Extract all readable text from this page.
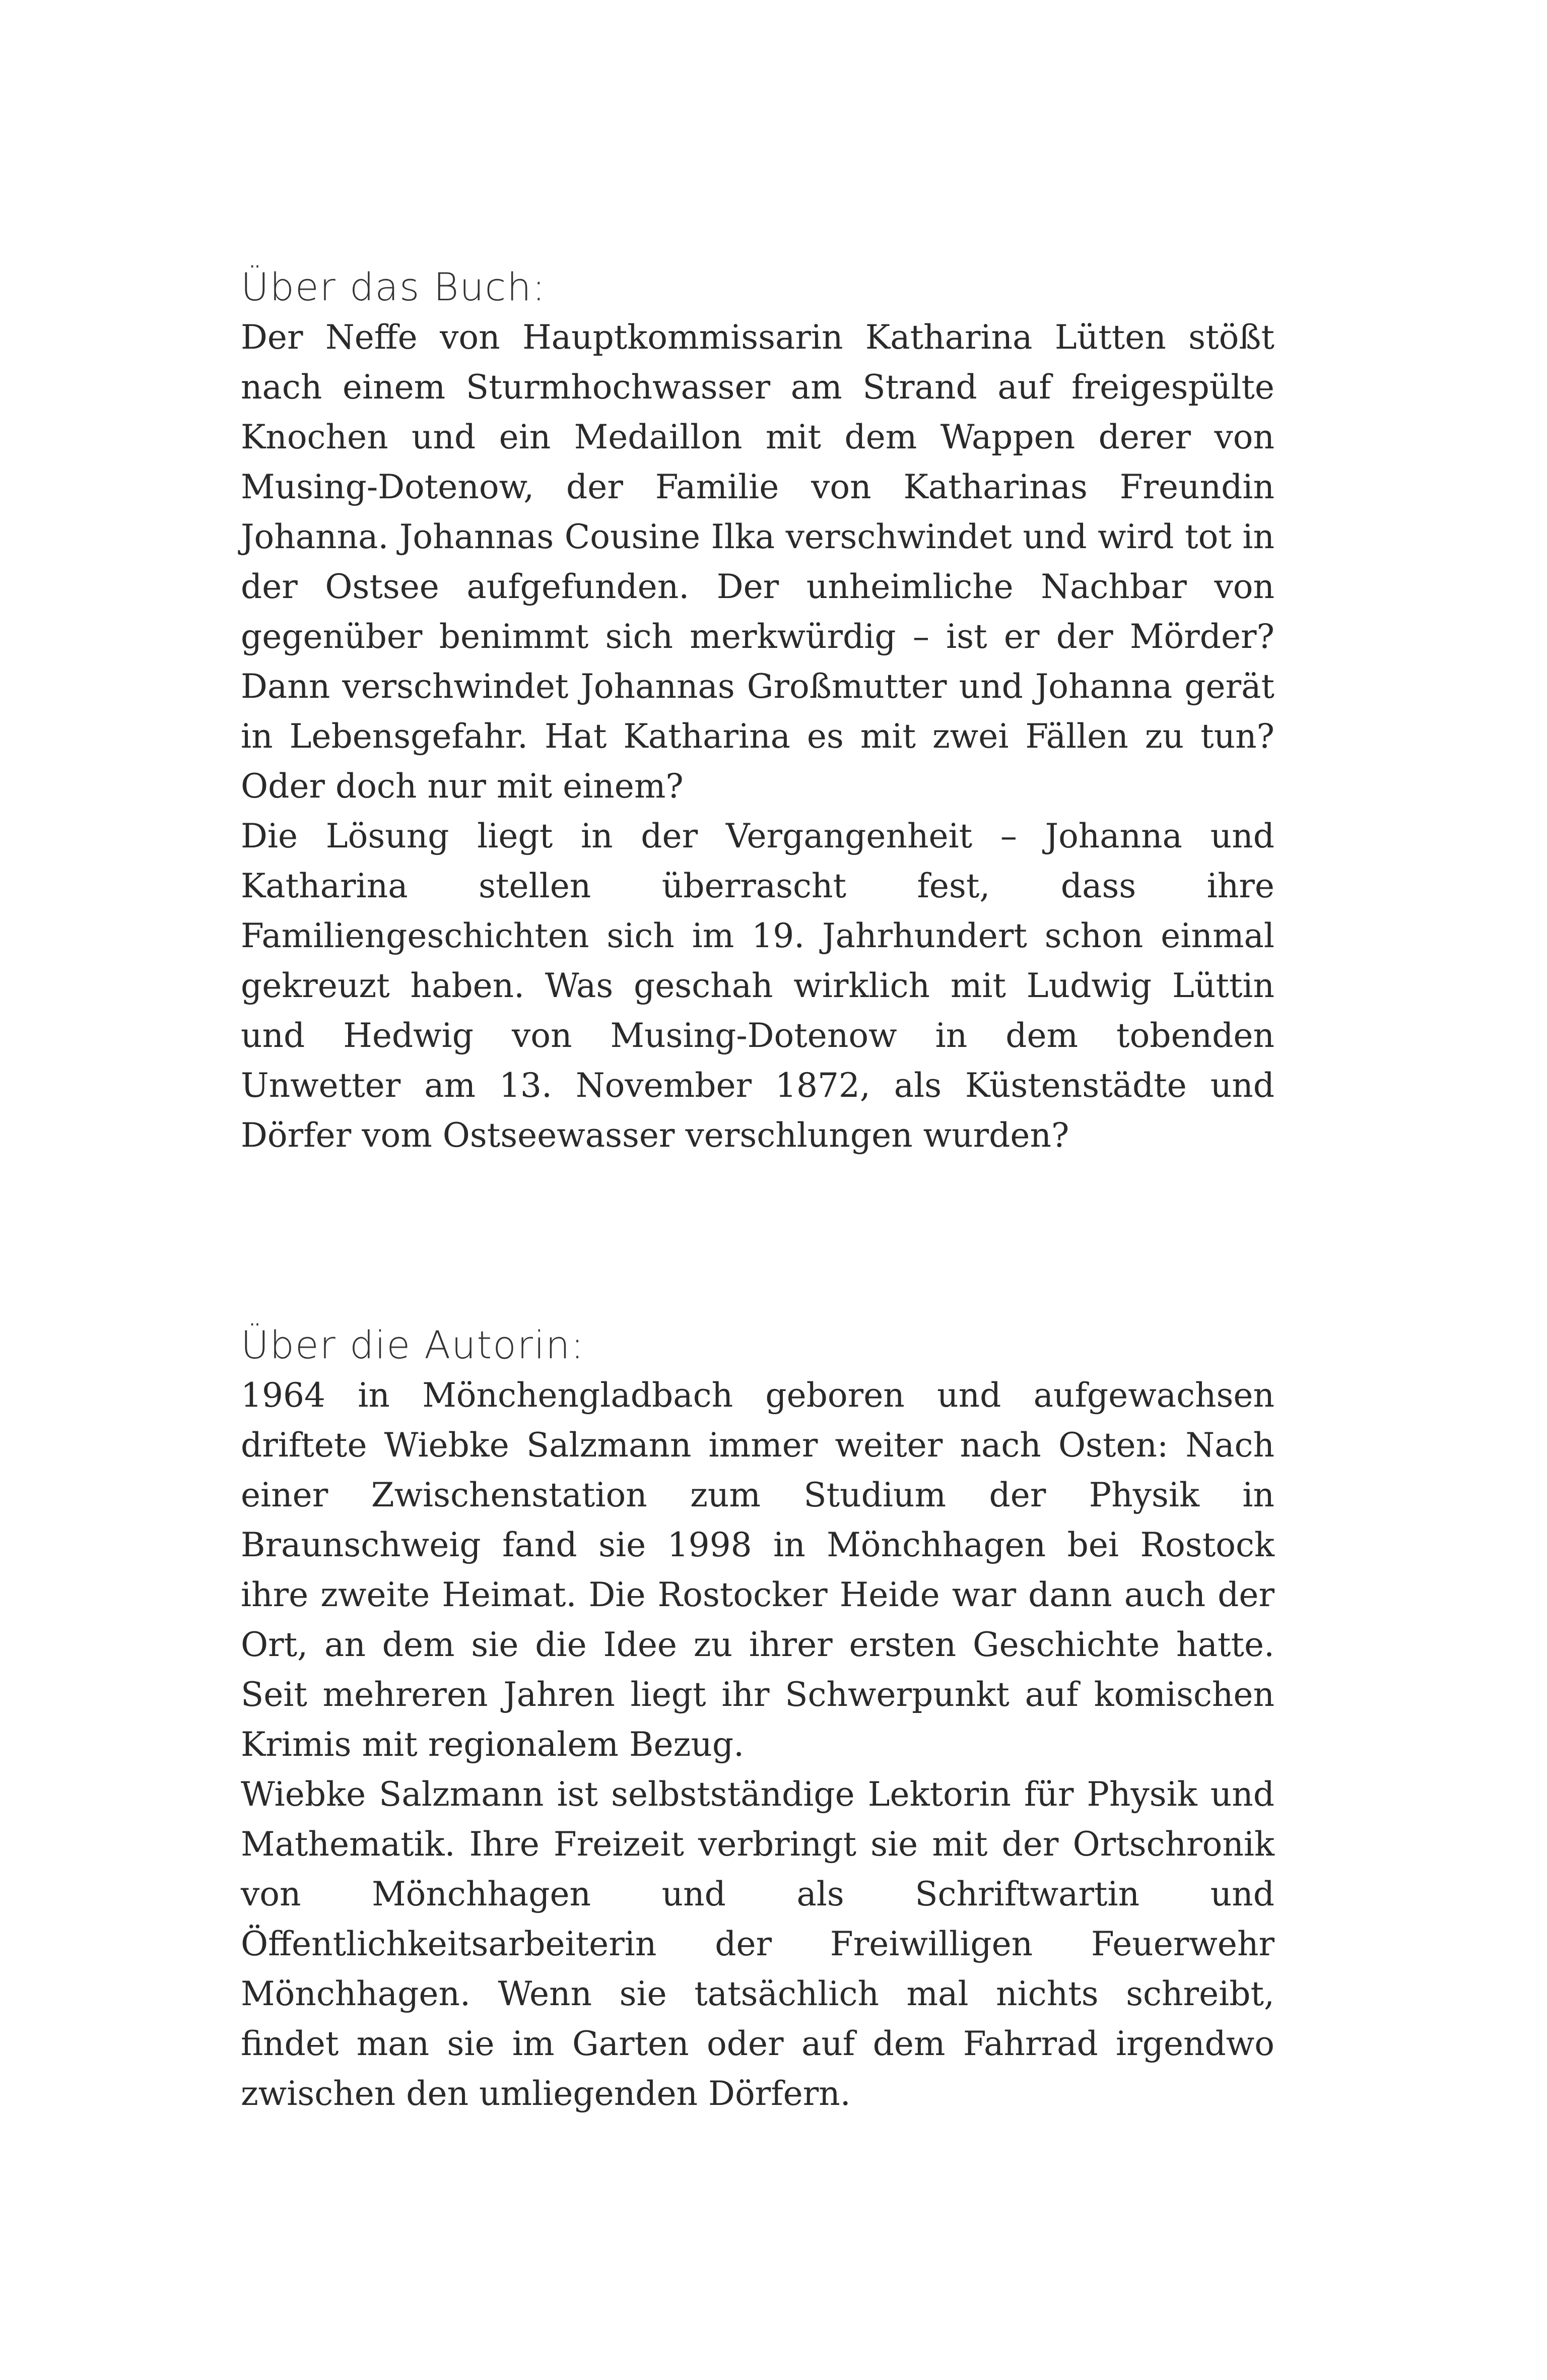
Über das Buch:

Der Neffe von Hauptkommissarin Katharina Lütten stößt nach einem Sturmhochwasser am Strand auf freigespülte Knochen und ein Medaillon mit dem Wappen derer von Musing-Dotenow, der Familie von Katharinas Freundin Johanna. Johannas Cousine Ilka verschwindet und wird tot in der Ostsee aufgefunden. Der unheimliche Nachbar von gegenüber benimmt sich merkwürdig – ist er der Mörder? Dann verschwindet Johannas Großmutter und Johanna gerät in Lebensgefahr. Hat Katharina es mit zwei Fällen zu tun? Oder doch nur mit einem?

Die Lösung liegt in der Vergangenheit – Johanna und Katharina stellen überrascht fest, dass ihre Familiengeschichten sich im 19. Jahrhundert schon einmal gekreuzt haben. Was geschah wirklich mit Ludwig Lüttin und Hedwig von Musing-Dotenow in dem tobenden Unwetter am 13. November 1872, als Küstenstädte und Dörfer vom Ostseewasser verschlungen wurden?

Über die Autorin:

1964 in Mönchengladbach geboren und aufgewachsen driftete Wiebke Salzmann immer weiter nach Osten: Nach einer Zwischenstation zum Studium der Physik in Braunschweig fand sie 1998 in Mönchhagen bei Rostock ihre zweite Heimat. Die Rostocker Heide war dann auch der Ort, an dem sie die Idee zu ihrer ersten Geschichte hatte. Seit mehreren Jahren liegt ihr Schwerpunkt auf komischen Krimis mit regionalem Bezug.

Wiebke Salzmann ist selbstständige Lektorin für Physik und Mathematik. Ihre Freizeit verbringt sie mit der Ortschronik von Mönchhagen und als Schriftwartin und Öffentlichkeitsarbeiterin der Freiwilligen Feuerwehr Mönchhagen. Wenn sie tatsächlich mal nichts schreibt, findet man sie im Garten oder auf dem Fahrrad irgendwo zwischen den umliegenden Dörfern.
